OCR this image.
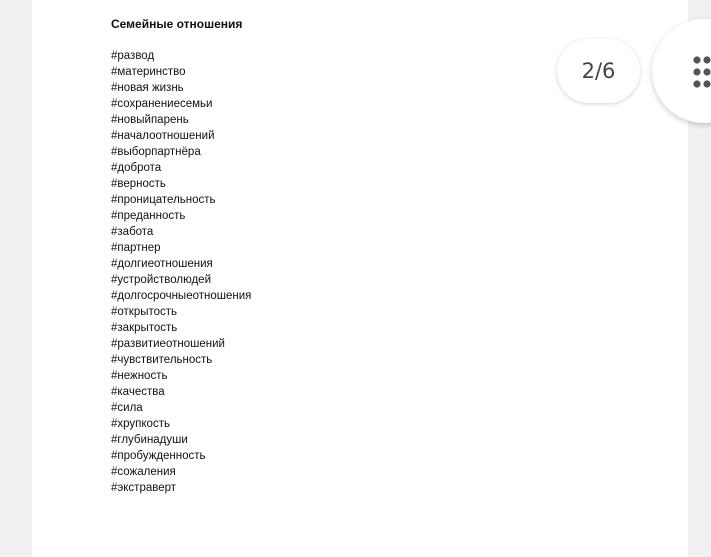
Семейные отношения
#развод
#материнство
#новая жизнь
#сохранениесемьи
#новыйпарень
#началоотношений
#выборпартнёра
#доброта
#верность
#проницательность
#преданность
#забота
#партнер
#долгиеотношения
#устройстволюдей
#долгосрочныеотношения
#открытость
#закрытость
#развитиеотношений
#чувствительность
#нежность
#качества
#сила
#хрупкость
#глубинадуши
#пробужденность
#сожаления
#экстраверт
2/6
